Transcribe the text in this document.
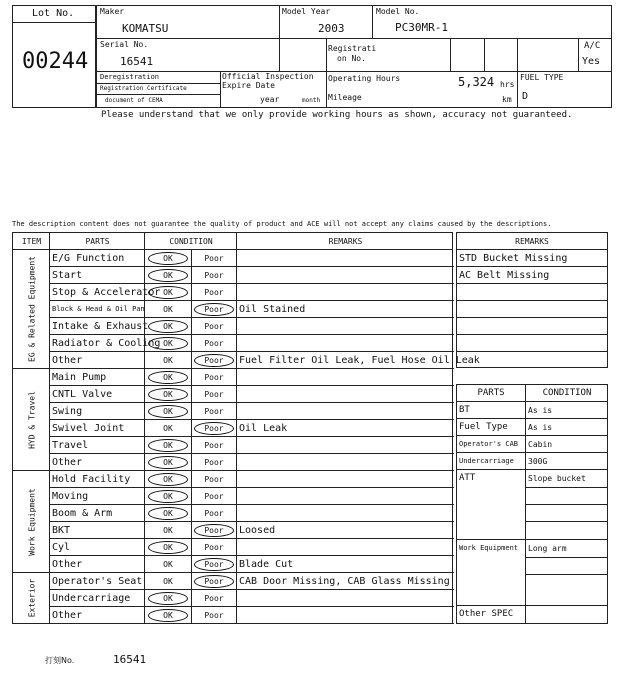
Lot No.
00244
Maker
KOMATSU
Model Year
2003
Model No.
PC30MR-1
Serial No.
16541
Registrati
on No.
A/C
Yes
Deregistration
Registration Certificate
document of CEMA
Official Inspection
Expire Date
year	month
Operating Hours	5,324 hrs
Mileage	km
FUEL TYPE
D
Please understand that we only provide working hours as shown, accuracy not guaranteed.
The description content does not guarantee the quality of product and ACE will not accept any claims caused by the descriptions.
ITEM	PARTS	CONDITION	REMARKS
EG & Related Equipment E/G Function	OK	Poor
Start	OK	Poor
Stop & Accelerator OK	Poor
Block & Head & Oil Pan	OK	Poor	Oil Stained
Intake & Exhaust	OK	Poor
Radiator & Cooling OK	Poor
Other	OK	Poor	Fuel Filter Oil Leak, Fuel Hose Oil Leak
HYD & Travel
Main Pump	OK	Poor
CNTL Valve	OK	Poor
Swing	OK	Poor
Swivel Joint	OK	Poor	Oil Leak
Travel	OK	Poor
Other	OK	Poor
Work Equipment
Hold Facility	OK	Poor
Moving	OK	Poor
Boom & Arm	OK	Poor
BKT	OK	Poor	Loosed
Cyl	OK	Poor
Other	OK	Poor	Blade Cut
Exterior Operator's Seat	OK	Poor	CAB Door Missing, CAB Glass Missing
Undercarriage	OK	Poor
Other	OK	Poor
REMARKS
STD Bucket Missing
AC Belt Missing
PARTS	CONDITION
BT	As is
Fuel Type	As is
Operator's CAB	Cabin
Undercarriage	300G
ATT	Slope bucket
Work Equipment	Long arm
Other SPEC
打刻No.	16541
